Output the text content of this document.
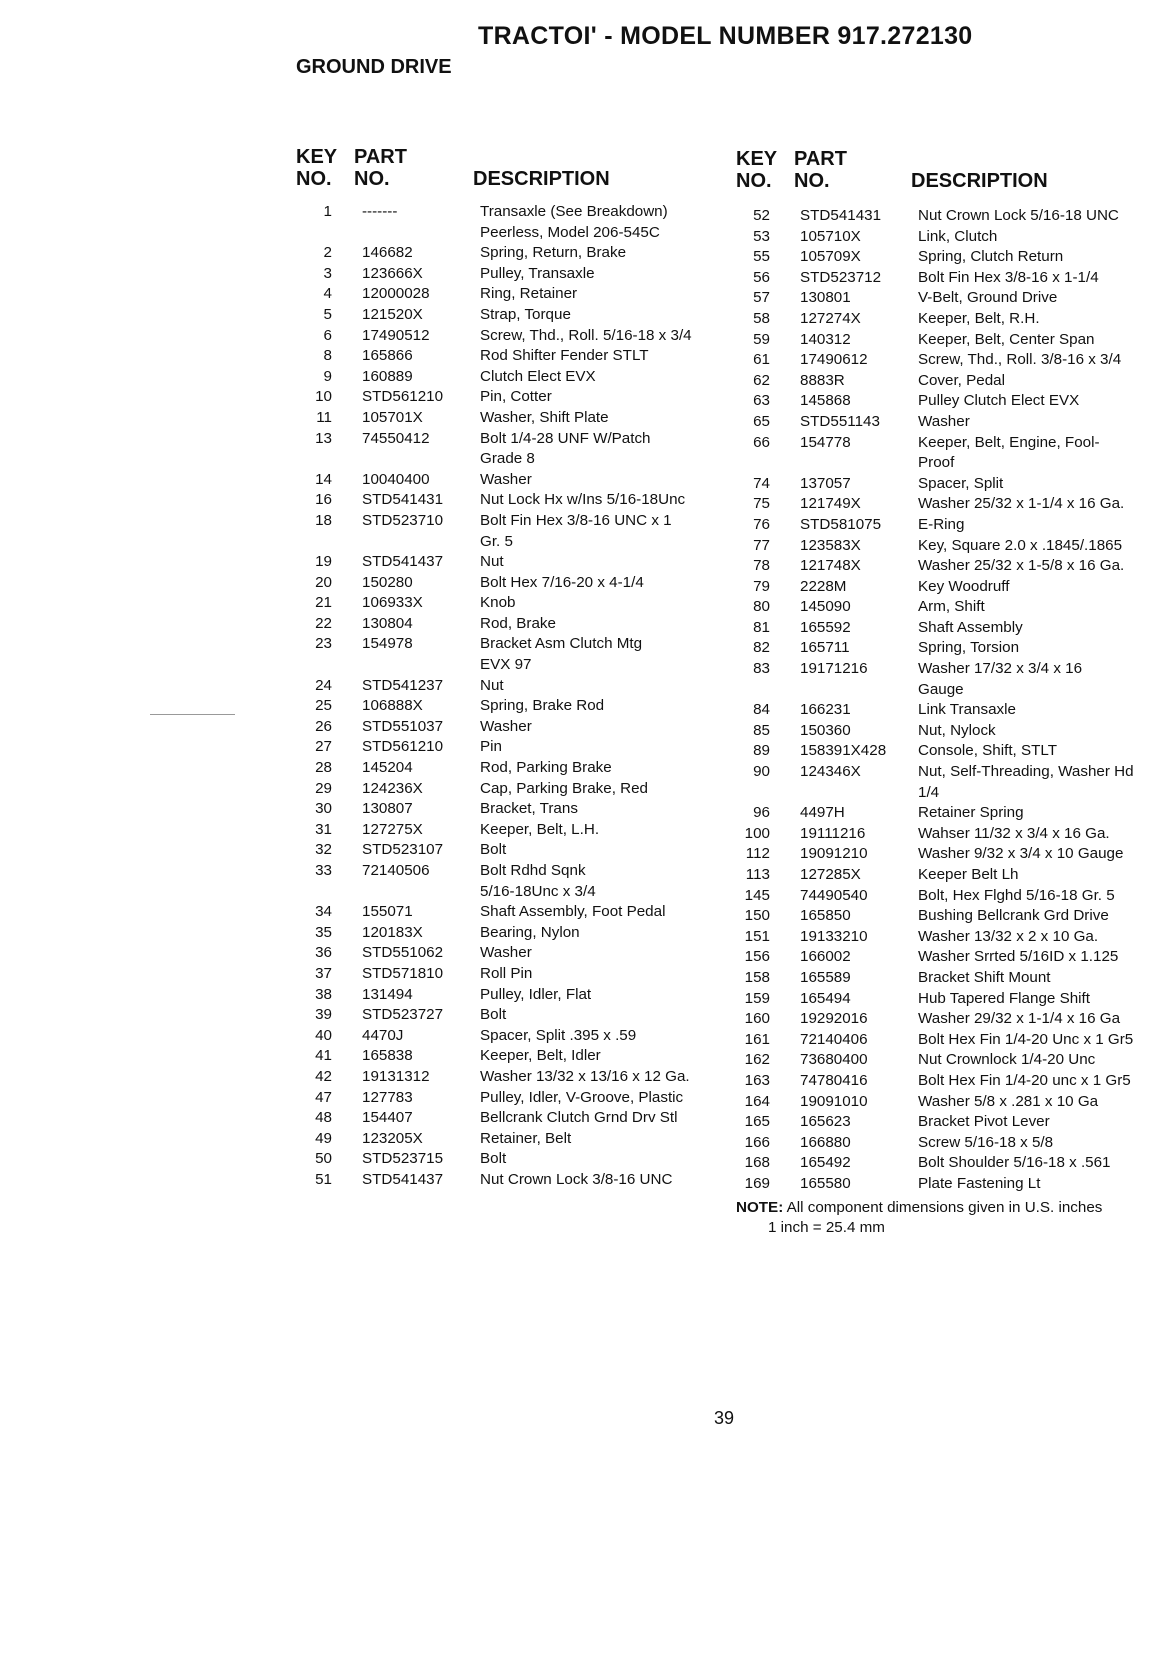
TRACTOI' - MODEL NUMBER 917.272130
GROUND DRIVE
KEY
NO.
PART
NO.	DESCRIPTION
KEY
NO.
PART
NO.	DESCRIPTION
1	-------	Transaxle (See Breakdown)
Peerless, Model 206-545C
2	146682	Spring, Return, Brake
3	123666X	Pulley, Transaxle
4	12000028	Ring, Retainer
5	121520X	Strap, Torque
6	17490512	Screw, Thd., Roll. 5/16-18 x 3/4
8	165866	Rod Shifter Fender STLT
9	160889	Clutch Elect EVX
10	STD561210	Pin, Cotter
11	105701X	Washer, Shift Plate
13	74550412	Bolt 1/4-28 UNF W/Patch
Grade 8
14	10040400	Washer
16	STD541431	Nut Lock Hx w/Ins 5/16-18Unc
18	STD523710	Bolt Fin Hex 3/8-16 UNC x 1
Gr. 5
19	STD541437	Nut
20	150280	Bolt Hex 7/16-20 x 4-1/4
21	106933X	Knob
22	130804	Rod, Brake
23	154978	Bracket Asm Clutch Mtg
EVX 97
24	STD541237	Nut
25	106888X	Spring, Brake Rod
26	STD551037	Washer
27	STD561210	Pin
28	145204	Rod, Parking Brake
29	124236X	Cap, Parking Brake, Red
30	130807	Bracket, Trans
31	127275X	Keeper, Belt, L.H.
32	STD523107	Bolt
33	72140506	Bolt Rdhd Sqnk
5/16-18Unc x 3/4
34	155071	Shaft Assembly, Foot Pedal
35	120183X	Bearing, Nylon
36	STD551062	Washer
37	STD571810	Roll Pin
38	131494	Pulley, Idler, Flat
39	STD523727	Bolt
40	4470J	Spacer, Split .395 x .59
41	165838	Keeper, Belt, Idler
42	19131312	Washer 13/32 x 13/16 x 12 Ga.
47	127783	Pulley, Idler, V-Groove, Plastic
48	154407	Bellcrank Clutch Grnd Drv Stl
49	123205X	Retainer, Belt
50	STD523715	Bolt
51	STD541437	Nut Crown Lock 3/8-16 UNC
52	STD541431	Nut Crown Lock 5/16-18 UNC
53	105710X	Link, Clutch
55	105709X	Spring, Clutch Return
56	STD523712	Bolt Fin Hex 3/8-16 x 1-1/4
57	130801	V-Belt, Ground Drive
58	127274X	Keeper, Belt, R.H.
59	140312	Keeper, Belt, Center Span
61	17490612	Screw, Thd., Roll. 3/8-16 x 3/4
62	8883R	Cover, Pedal
63	145868	Pulley Clutch Elect EVX
65	STD551143	Washer
66	154778	Keeper, Belt, Engine, Fool-
Proof
74	137057	Spacer, Split
75	121749X	Washer 25/32 x 1-1/4 x 16 Ga.
76	STD581075	E-Ring
77	123583X	Key, Square 2.0 x .1845/.1865
78	121748X	Washer 25/32 x 1-5/8 x 16 Ga.
79	2228M	Key Woodruff
80	145090	Arm, Shift
81	165592	Shaft Assembly
82	165711	Spring, Torsion
83	19171216	Washer 17/32 x 3/4 x 16
Gauge
84	166231	Link Transaxle
85	150360	Nut, Nylock
89	158391X428	Console, Shift, STLT
90	124346X	Nut, Self-Threading, Washer Hd
1/4
96	4497H	Retainer Spring
100	19111216	Wahser 11/32 x 3/4 x 16 Ga.
112	19091210	Washer 9/32 x 3/4 x 10 Gauge
113	127285X	Keeper Belt Lh
145	74490540	Bolt, Hex Flghd 5/16-18 Gr. 5
150	165850	Bushing Bellcrank Grd Drive
151	19133210	Washer 13/32 x 2 x 10 Ga.
156	166002	Washer Srrted 5/16ID x 1.125
158	165589	Bracket Shift Mount
159	165494	Hub Tapered Flange Shift
160	19292016	Washer 29/32 x 1-1/4 x 16 Ga
161	72140406	Bolt Hex Fin 1/4-20 Unc x 1 Gr5
162	73680400	Nut Crownlock 1/4-20 Unc
163	74780416	Bolt Hex Fin 1/4-20 unc x 1 Gr5
164	19091010	Washer 5/8 x .281 x 10 Ga
165	165623	Bracket Pivot Lever
166	166880	Screw 5/16-18 x 5/8
168	165492	Bolt Shoulder 5/16-18 x .561
169	165580	Plate Fastening Lt
NOTE: All component dimensions given in U.S. inches
1 inch = 25.4 mm
39
